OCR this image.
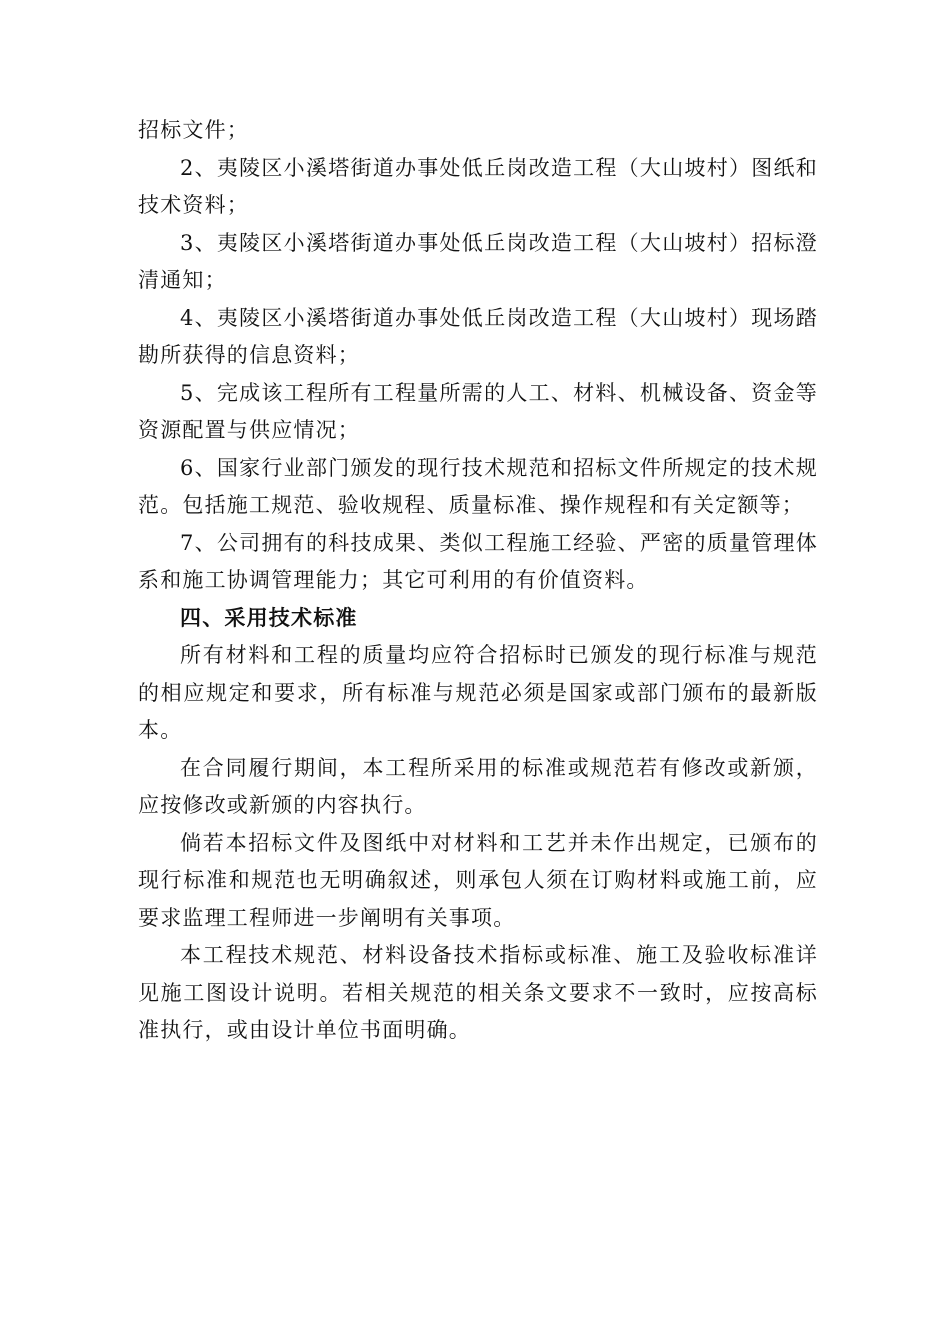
招标文件；

2、夷陵区小溪塔街道办事处低丘岗改造工程（大山坡村）图纸和技术资料；

3、夷陵区小溪塔街道办事处低丘岗改造工程（大山坡村）招标澄清通知；

4、夷陵区小溪塔街道办事处低丘岗改造工程（大山坡村）现场踏勘所获得的信息资料；

5、完成该工程所有工程量所需的人工、材料、机械设备、资金等资源配置与供应情况；

6、国家行业部门颁发的现行技术规范和招标文件所规定的技术规范。包括施工规范、验收规程、质量标准、操作规程和有关定额等；

7、公司拥有的科技成果、类似工程施工经验、严密的质量管理体系和施工协调管理能力；其它可利用的有价值资料。

四、采用技术标准

所有材料和工程的质量均应符合招标时已颁发的现行标准与规范的相应规定和要求，所有标准与规范必须是国家或部门颁布的最新版本。

在合同履行期间，本工程所采用的标准或规范若有修改或新颁，应按修改或新颁的内容执行。

倘若本招标文件及图纸中对材料和工艺并未作出规定，已颁布的现行标准和规范也无明确叙述，则承包人须在订购材料或施工前，应要求监理工程师进一步阐明有关事项。

本工程技术规范、材料设备技术指标或标准、施工及验收标准详见施工图设计说明。若相关规范的相关条文要求不一致时，应按高标准执行，或由设计单位书面明确。
